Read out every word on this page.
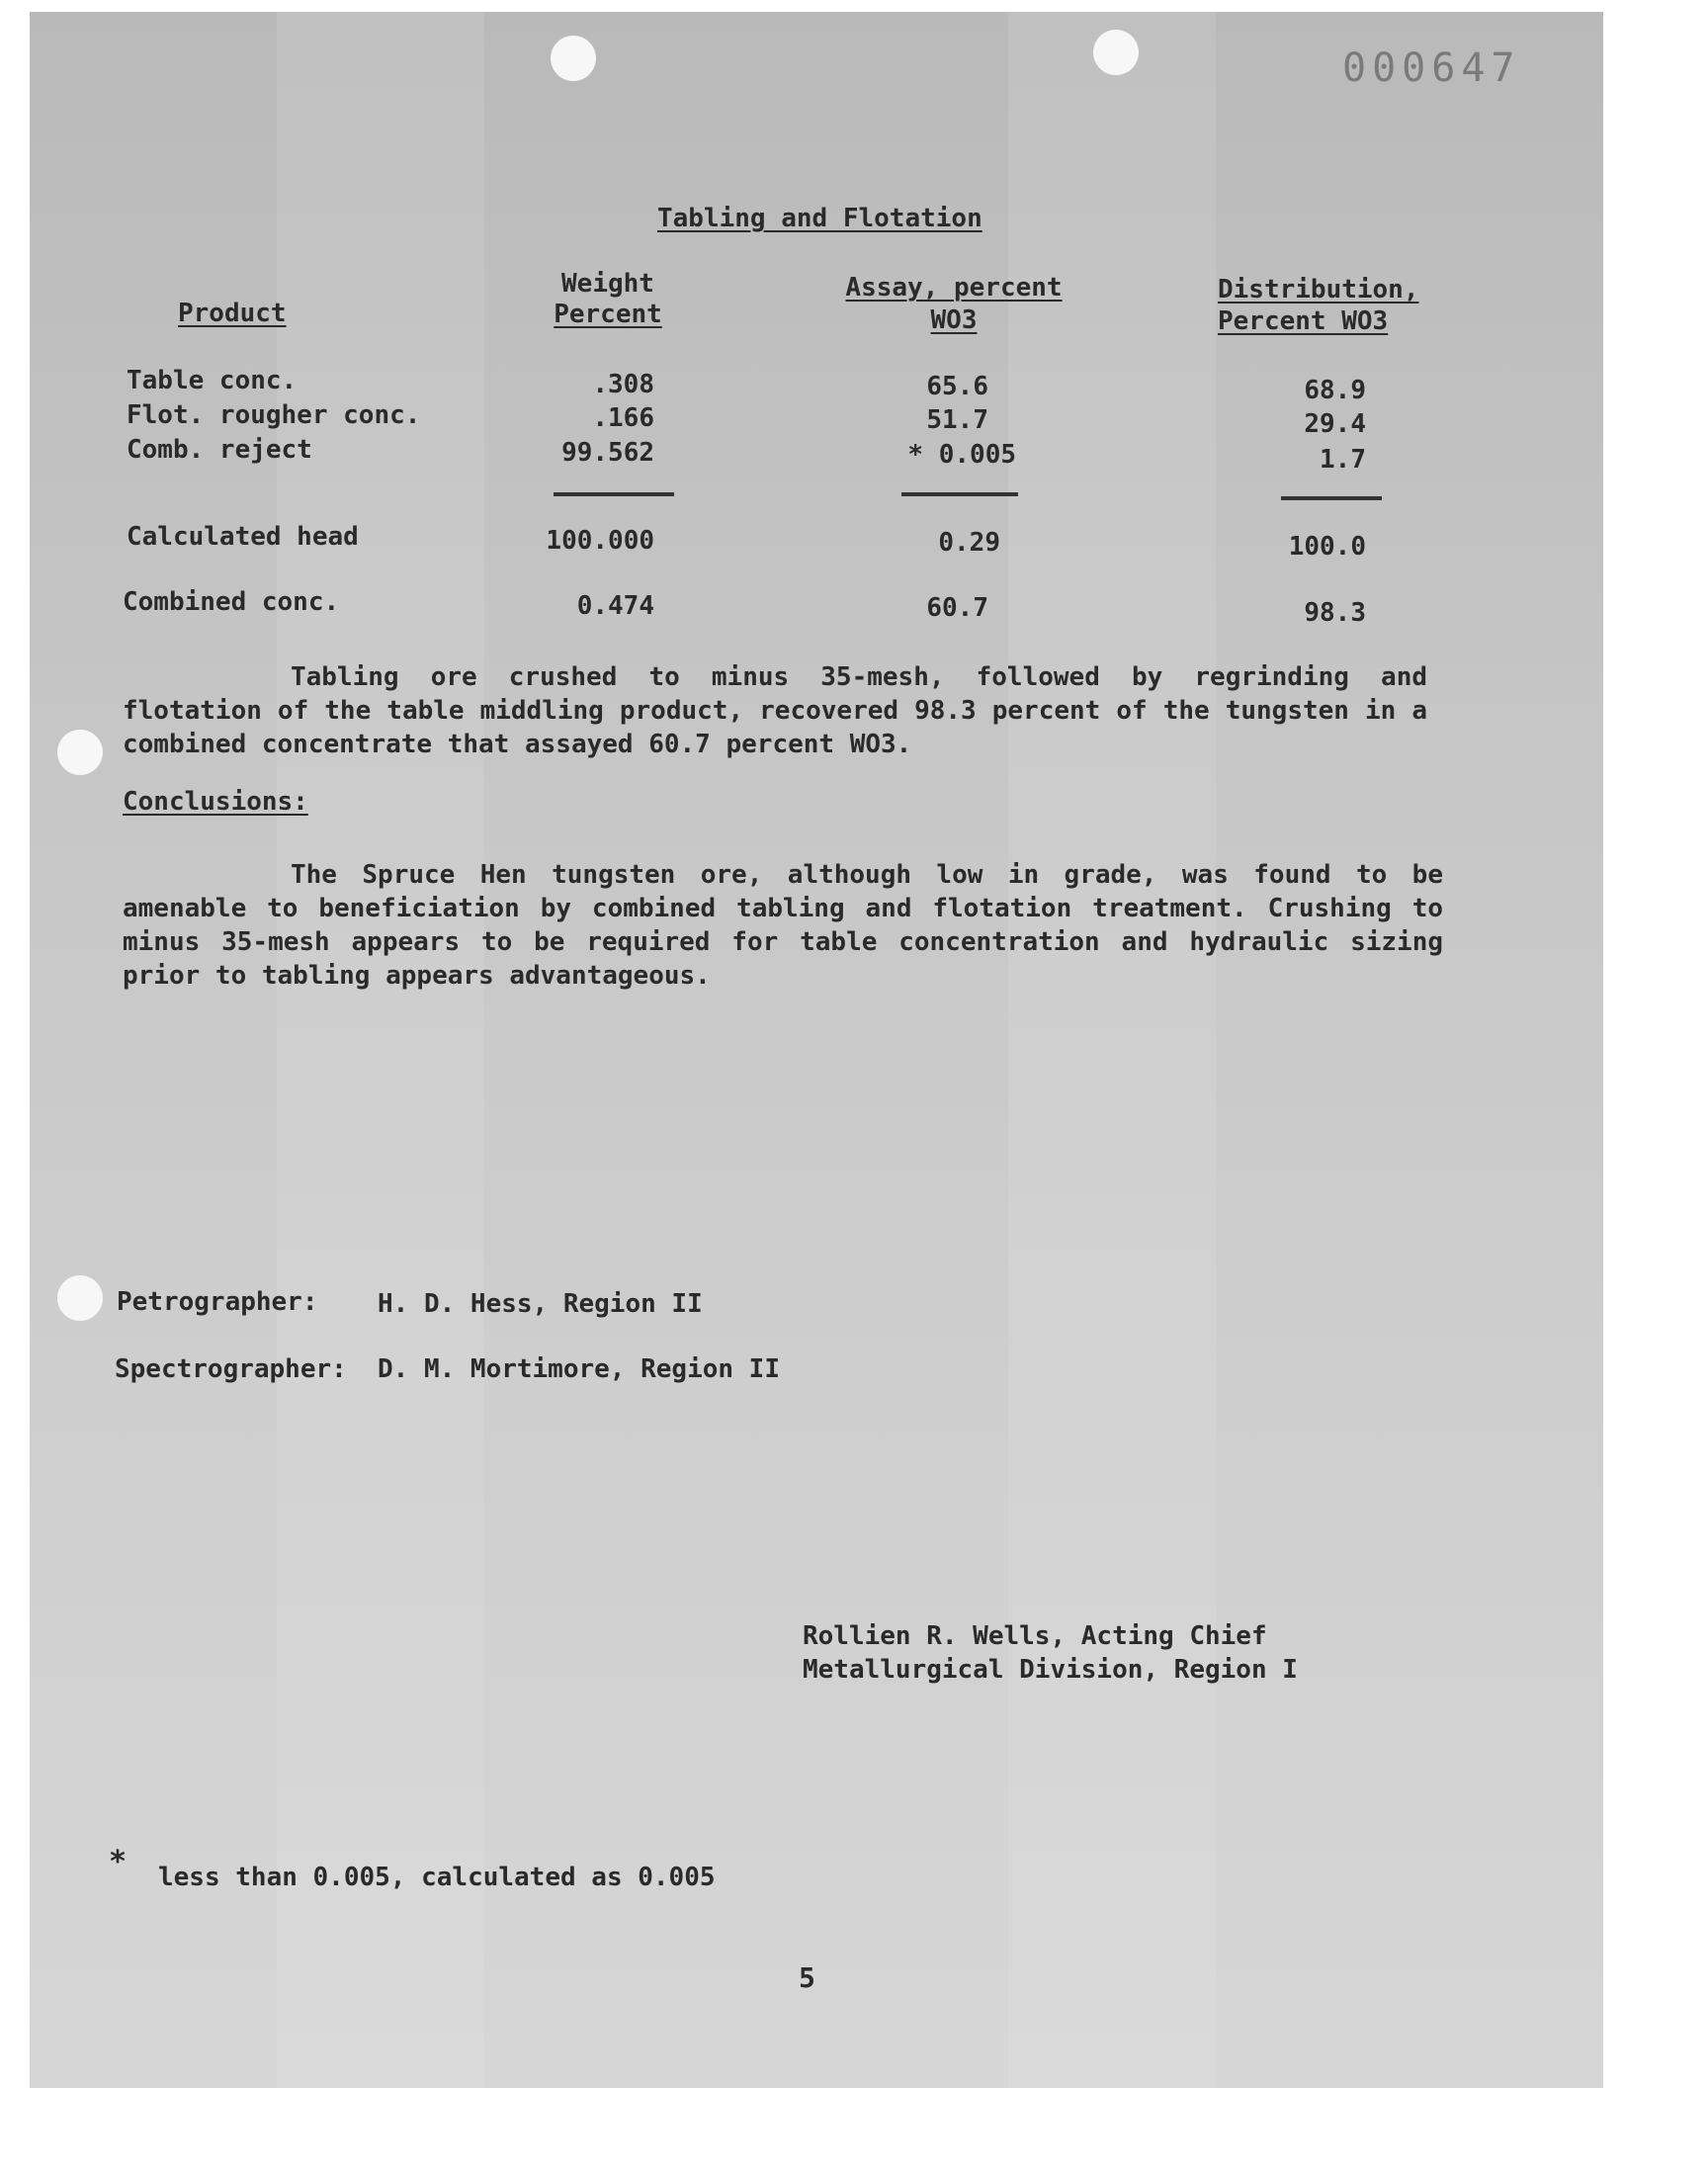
000647
Tabling and Flotation
Product
Weight
Percent
Assay, percent
WO3
Distribution,
Percent WO3
Table conc.	.308	65.6	68.9
Flot. rougher conc.	.166	51.7	29.4
Comb. reject	99.562	* 0.005	1.7
Calculated head	100.000	0.29	100.0
Combined conc.	0.474	60.7	98.3

Tabling ore crushed to minus 35-mesh, followed by regrinding and flotation of the table middling product, recovered 98.3 percent of the tungsten in a combined concentrate that assayed 60.7 percent WO3.

Conclusions:

The Spruce Hen tungsten ore, although low in grade, was found to be amenable to beneficiation by combined tabling and flotation treatment. Crushing to minus 35-mesh appears to be required for table concentration and hydraulic sizing prior to tabling appears advantageous.

Petrographer: H. D. Hess, Region II
Spectrographer: D. M. Mortimore, Region II
Rollien R. Wells, Acting Chief
Metallurgical Division, Region I
* less than 0.005, calculated as 0.005
5
